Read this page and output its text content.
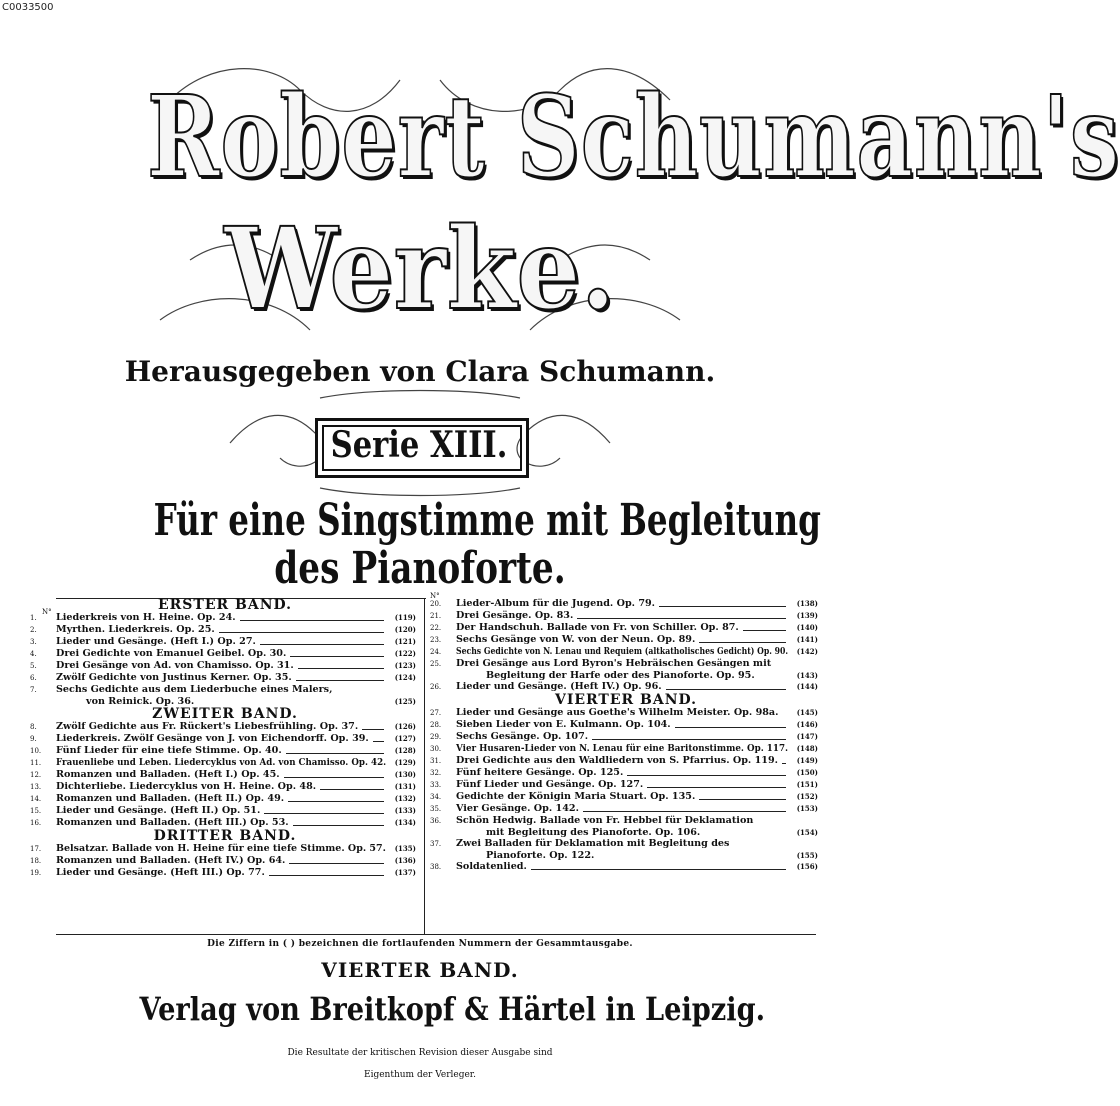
C0033500
Robert Schumann's
Werke.
Herausgegeben von Clara Schumann.
Serie XIII.
Für eine Singstimme mit Begleitung
des Pianoforte.
N°	ERSTER BAND.
1.	Liederkreis von H. Heine. Op. 24.	(119)
2.	Myrthen. Liederkreis. Op. 25.	(120)
3.	Lieder und Gesänge. (Heft I.) Op. 27.	(121)
4.	Drei Gedichte von Emanuel Geibel. Op. 30.	(122)
5.	Drei Gesänge von Ad. von Chamisso. Op. 31.	(123)
6.	Zwölf Gedichte von Justinus Kerner. Op. 35.	(124)
7.	Sechs Gedichte aus dem Liederbuche eines Malers,
von Reinick. Op. 36.	(125)
ZWEITER BAND.
8.	Zwölf Gedichte aus Fr. Rückert's Liebesfrühling. Op. 37.	(126)
9.	Liederkreis. Zwölf Gesänge von J. von Eichendorff. Op. 39.	(127)
10.	Fünf Lieder für eine tiefe Stimme. Op. 40.	(128)
11.	Frauenliebe und Leben. Liedercyklus von Ad. von Chamisso. Op. 42. (129)
12.	Romanzen und Balladen. (Heft I.) Op. 45.	(130)
13.	Dichterliebe. Liedercyklus von H. Heine. Op. 48.	(131)
14.	Romanzen und Balladen. (Heft II.) Op. 49.	(132)
15.	Lieder und Gesänge. (Heft II.) Op. 51.	(133)
16.	Romanzen und Balladen. (Heft III.) Op. 53.	(134)
DRITTER BAND.
17.	Belsatzar. Ballade von H. Heine für eine tiefe Stimme. Op. 57. (135)
18.	Romanzen und Balladen. (Heft IV.) Op. 64.	(136)
19.	Lieder und Gesänge. (Heft III.) Op. 77.	(137)
N°
20.	Lieder-Album für die Jugend. Op. 79.	(138)
21.	Drei Gesänge. Op. 83.	(139)
22.	Der Handschuh. Ballade von Fr. von Schiller. Op. 87.	(140)
23.	Sechs Gesänge von W. von der Neun. Op. 89.	(141)
24.	Sechs Gedichte von N. Lenau und Requiem (altkatholisches Gedicht) Op. 90. (142)
25.	Drei Gesänge aus Lord Byron's Hebräischen Gesängen mit
Begleitung der Harfe oder des Pianoforte. Op. 95.	(143)
26.	Lieder und Gesänge. (Heft IV.) Op. 96.	(144)
VIERTER BAND.
27.	Lieder und Gesänge aus Goethe's Wilhelm Meister. Op. 98a.	(145)
28.	Sieben Lieder von E. Kulmann. Op. 104.	(146)
29.	Sechs Gesänge. Op. 107.	(147)
30.	Vier Husaren-Lieder von N. Lenau für eine Baritonstimme. Op. 117. (148)
31.	Drei Gedichte aus den Waldliedern von S. Pfarrius. Op. 119.	(149)
32.	Fünf heitere Gesänge. Op. 125.	(150)
33.	Fünf Lieder und Gesänge. Op. 127.	(151)
34.	Gedichte der Königin Maria Stuart. Op. 135.	(152)
35.	Vier Gesänge. Op. 142.	(153)
36.	Schön Hedwig. Ballade von Fr. Hebbel für Deklamation
mit Begleitung des Pianoforte. Op. 106.	(154)
37.	Zwei Balladen für Deklamation mit Begleitung des
Pianoforte. Op. 122.	(155)
38.	Soldatenlied.	(156)
Die Ziffern in ( ) bezeichnen die fortlaufenden Nummern der Gesammtausgabe.
VIERTER BAND.
Verlag von Breitkopf & Härtel in Leipzig.
Die Resultate der kritischen Revision dieser Ausgabe sind
Eigenthum der Verleger.
